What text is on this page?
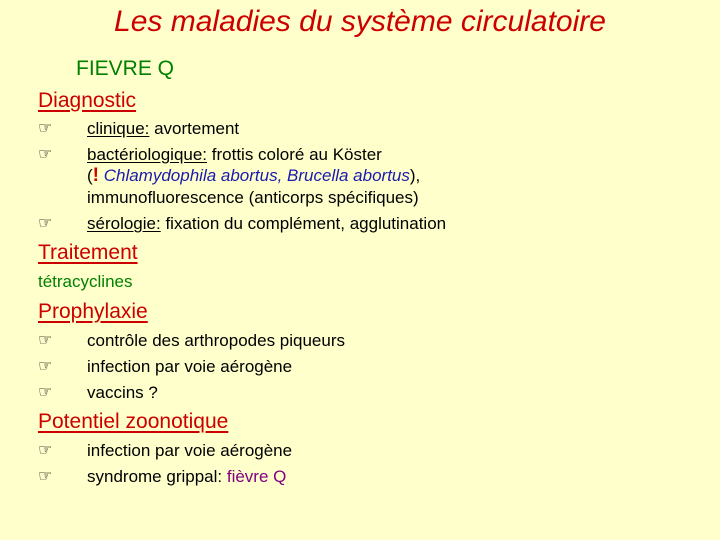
Les maladies du système circulatoire
FIEVRE Q
Diagnostic
☞ clinique: avortement
☞ bactériologique: frottis coloré au Köster
(! Chlamydophila abortus, Brucella abortus),
immunofluorescence (anticorps spécifiques)
☞ sérologie: fixation du complément, agglutination
Traitement
tétracyclines
Prophylaxie
☞ contrôle des arthropodes piqueurs
☞ infection par voie aérogène
☞ vaccins ?
Potentiel zoonotique
☞ infection par voie aérogène
☞ syndrome grippal: fièvre Q
